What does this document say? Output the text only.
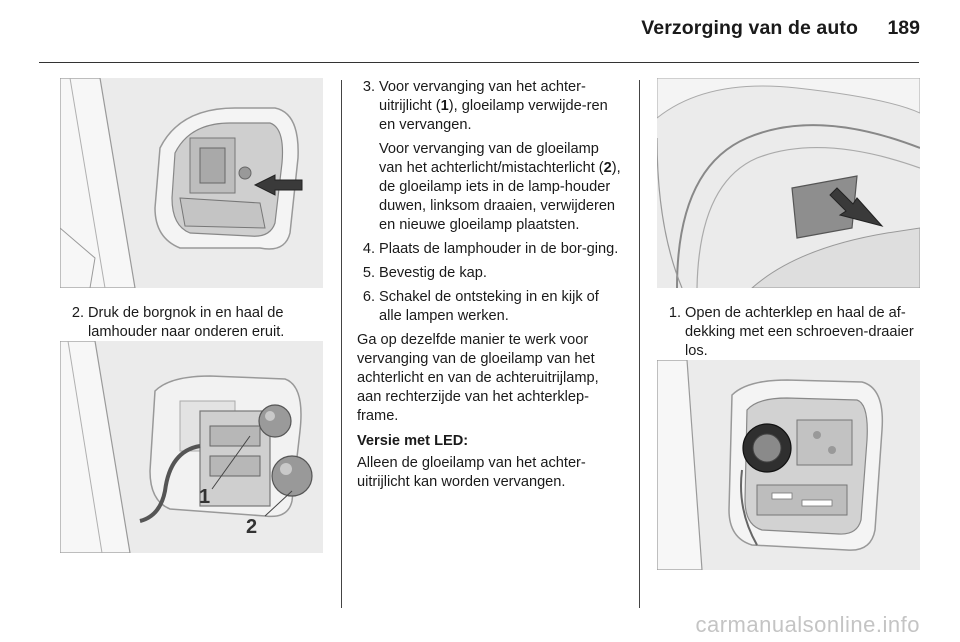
Verzorging van de auto	189
2. Druk de borgnok in en haal de lamhouder naar onderen eruit.

1
2
3. Voor vervanging van het achter-uitrijlicht (1), gloeilamp verwijde-ren en vervangen.

Voor vervanging van de gloeilamp van het achterlicht/mistachterlicht (2), de gloeilamp iets in de lamp-houder duwen, linksom draaien, verwijderen en nieuwe gloeilamp plaatsten.

4. Plaats de lamphouder in de bor-ging.

5. Bevestig de kap.

6. Schakel de ontsteking in en kijk of alle lampen werken.

Ga op dezelfde manier te werk voor vervanging van de gloeilamp van het achterlicht en van de achteruitrijlamp, aan rechterzijde van het achterklep-frame.

Versie met LED:

Alleen de gloeilamp van het achter-uitrijlicht kan worden vervangen.

1. Open de achterklep en haal de af-dekking met een schroeven-draaier los.

carmanualsonline.info
